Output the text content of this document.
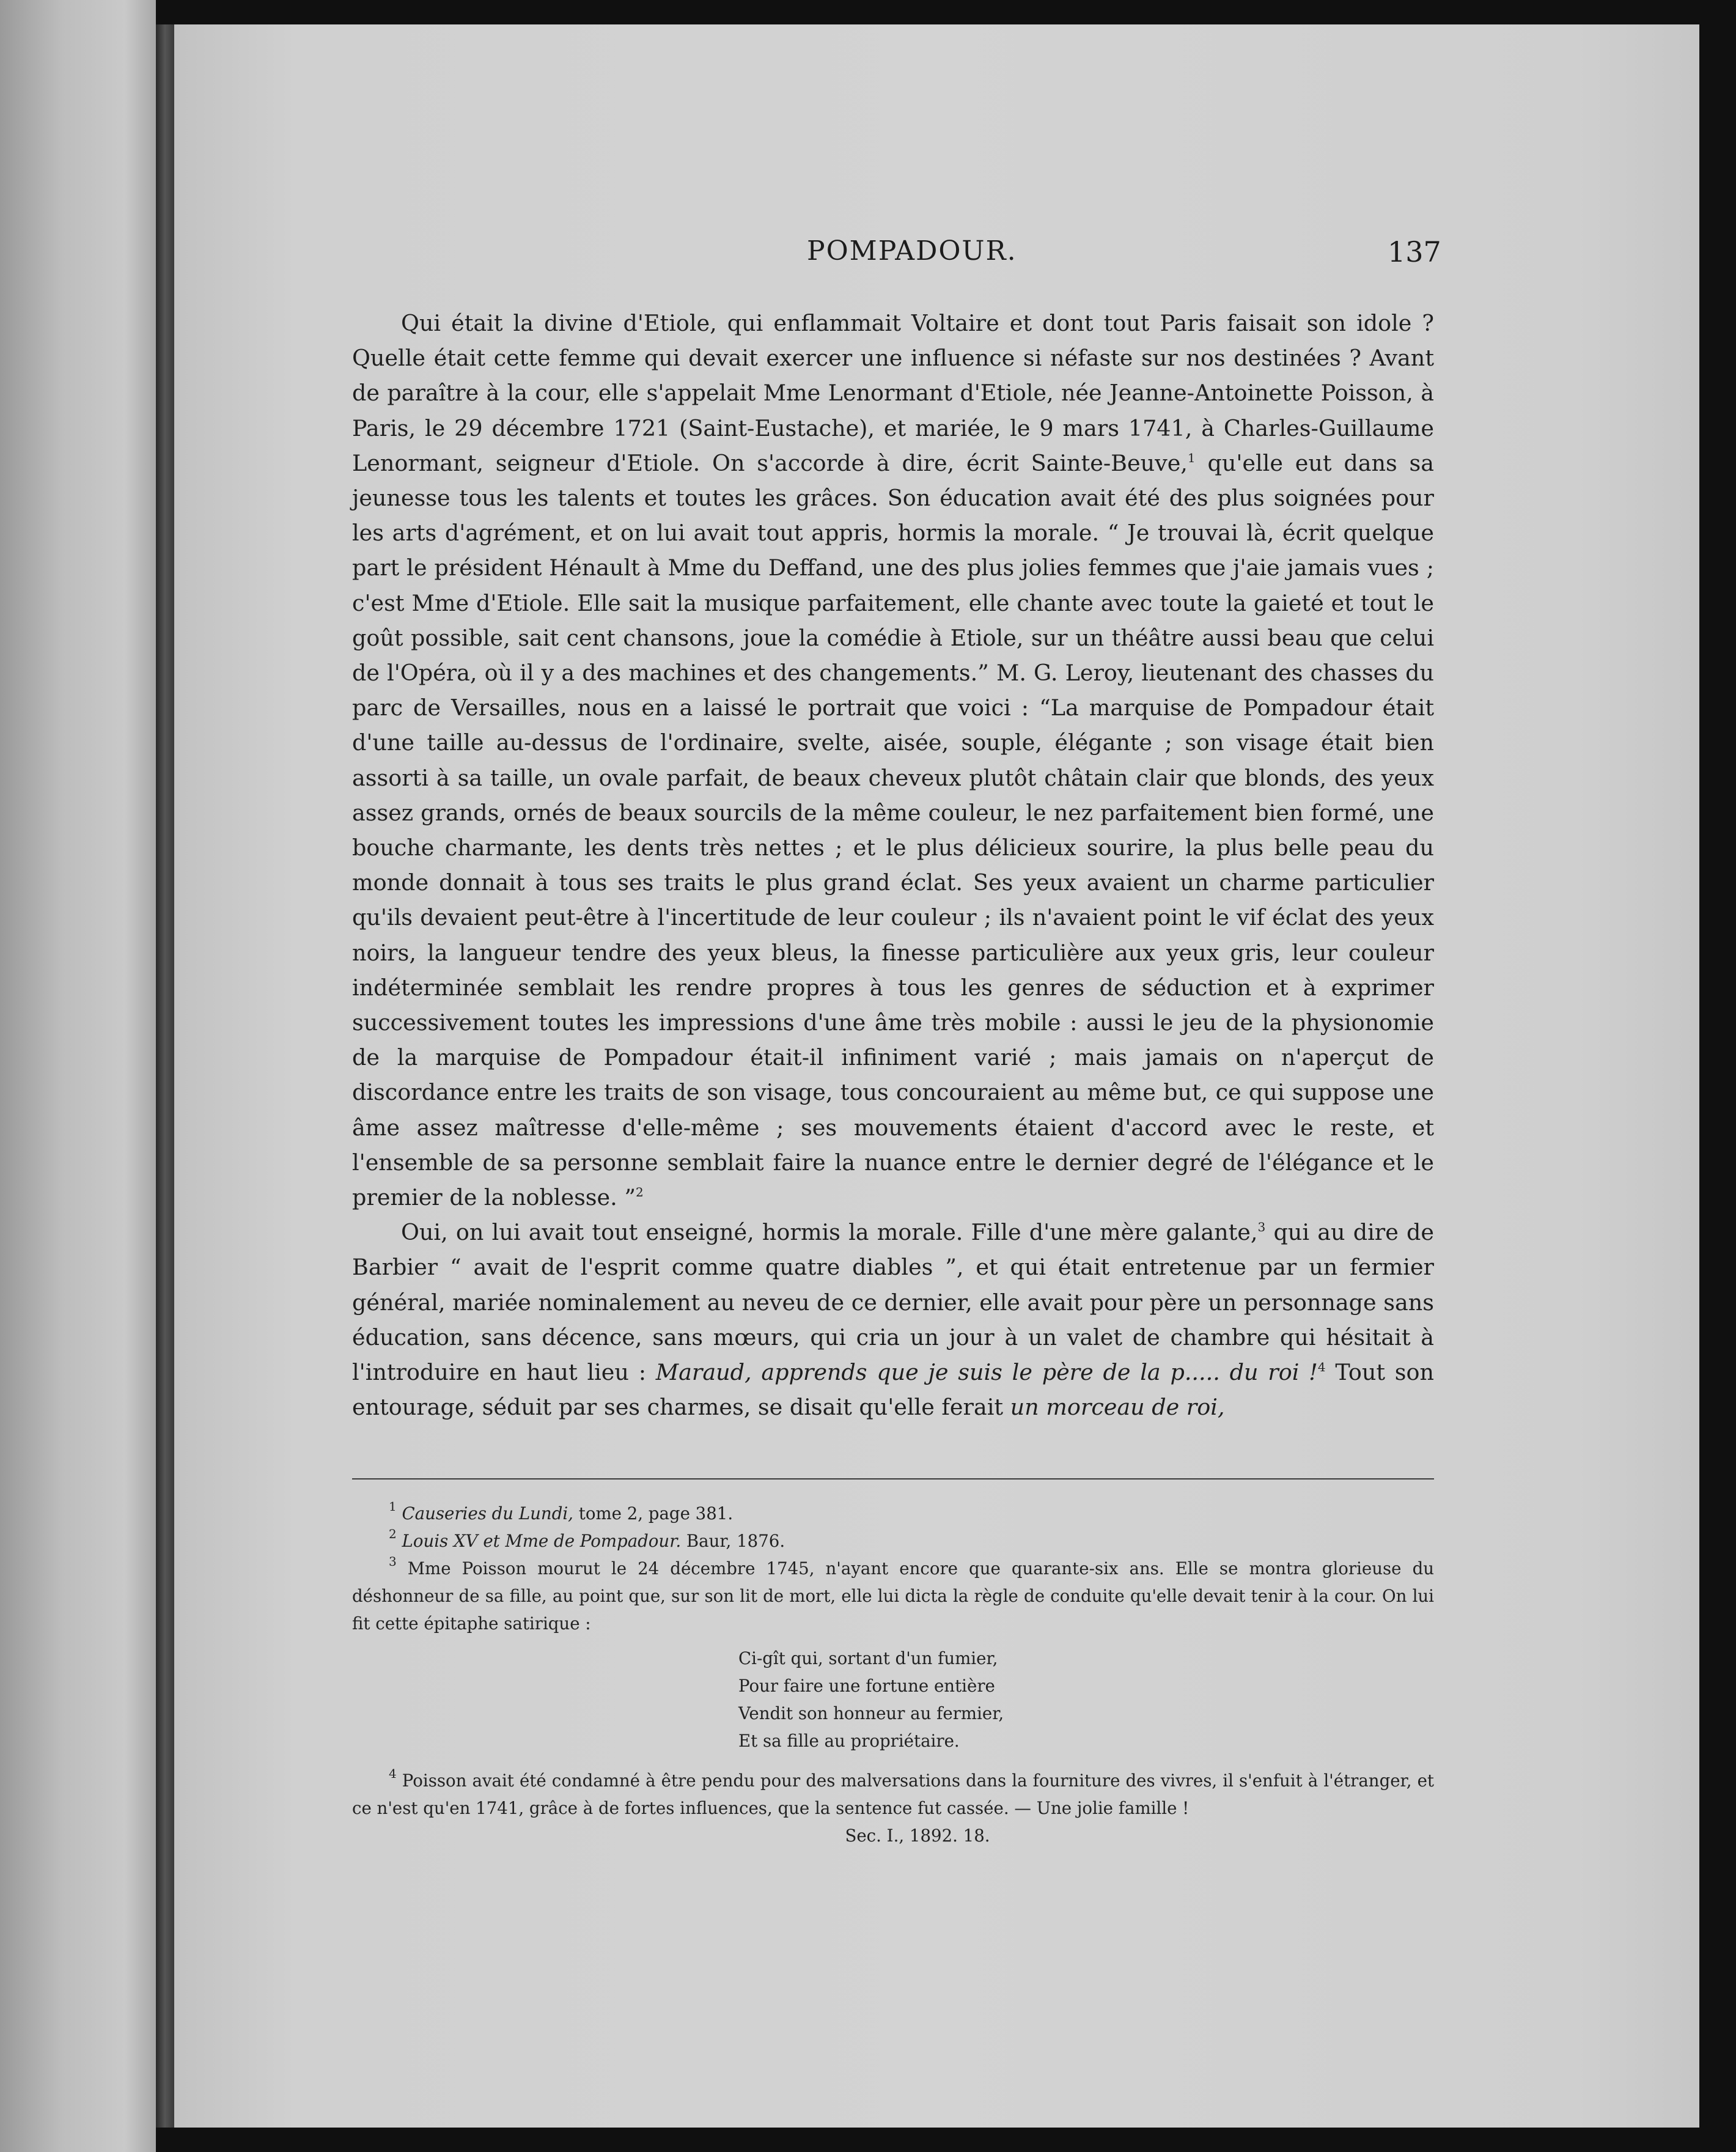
POMPADOUR.	137

Qui était la divine d'Etiole, qui enflammait Voltaire et dont tout Paris faisait son idole ? Quelle était cette femme qui devait exercer une influence si néfaste sur nos destinées ? Avant de paraître à la cour, elle s'appelait Mme Lenormant d'Etiole, née Jeanne-Antoinette Poisson, à Paris, le 29 décembre 1721 (Saint-Eustache), et mariée, le 9 mars 1741, à Charles-Guillaume Lenormant, seigneur d'Etiole. On s'accorde à dire, écrit Sainte-Beuve,$^1$ qu'elle eut dans sa jeunesse tous les talents et toutes les grâces. Son éducation avait été des plus soignées pour les arts d'agrément, et on lui avait tout appris, hormis la morale. “ Je trouvai là, écrit quelque part le président Hénault à Mme du Deffand, une des plus jolies femmes que j'aie jamais vues ; c'est Mme d'Etiole. Elle sait la musique parfaitement, elle chante avec toute la gaieté et tout le goût possible, sait cent chansons, joue la comédie à Etiole, sur un théâtre aussi beau que celui de l'Opéra, où il y a des machines et des changements.” M. G. Leroy, lieutenant des chasses du parc de Versailles, nous en a laissé le portrait que voici : “La marquise de Pompadour était d'une taille au-dessus de l'ordinaire, svelte, aisée, souple, élégante ; son visage était bien assorti à sa taille, un ovale parfait, de beaux cheveux plutôt châtain clair que blonds, des yeux assez grands, ornés de beaux sourcils de la même couleur, le nez parfaitement bien formé, une bouche charmante, les dents très nettes ; et le plus délicieux sourire, la plus belle peau du monde donnait à tous ses traits le plus grand éclat. Ses yeux avaient un charme particulier qu'ils devaient peut-être à l'incertitude de leur couleur ; ils n'avaient point le vif éclat des yeux noirs, la langueur tendre des yeux bleus, la finesse particulière aux yeux gris, leur couleur indéterminée semblait les rendre propres à tous les genres de séduction et à exprimer successivement toutes les impressions d'une âme très mobile : aussi le jeu de la physionomie de la marquise de Pompadour était-il infiniment varié ; mais jamais on n'aperçut de discordance entre les traits de son visage, tous concouraient au même but, ce qui suppose une âme assez maîtresse d'elle-même ; ses mouvements étaient d'accord avec le reste, et l'ensemble de sa personne semblait faire la nuance entre le dernier degré de l'élégance et le premier de la noblesse. ”$^2$

Oui, on lui avait tout enseigné, hormis la morale. Fille d'une mère galante,$^3$ qui au dire de Barbier “ avait de l'esprit comme quatre diables ”, et qui était entretenue par un fermier général, mariée nominalement au neveu de ce dernier, elle avait pour père un personnage sans éducation, sans décence, sans mœurs, qui cria un jour à un valet de chambre qui hésitait à l'introduire en haut lieu : Maraud, apprends que je suis le père de la p..... du roi !$^4$ Tout son entourage, séduit par ses charmes, se disait qu'elle ferait un morceau de roi,

$^1$ Causeries du Lundi, tome 2, page 381.

$^2$ Louis XV et Mme de Pompadour. Baur, 1876.

$^3$ Mme Poisson mourut le 24 décembre 1745, n'ayant encore que quarante-six ans. Elle se montra glorieuse du déshonneur de sa fille, au point que, sur son lit de mort, elle lui dicta la règle de conduite qu'elle devait tenir à la cour. On lui fit cette épitaphe satirique :

Ci-gît qui, sortant d'un fumier,
Pour faire une fortune entière
Vendit son honneur au fermier,
Et sa fille au propriétaire.

$^4$ Poisson avait été condamné à être pendu pour des malversations dans la fourniture des vivres, il s'enfuit à l'étranger, et ce n'est qu'en 1741, grâce à de fortes influences, que la sentence fut cassée. — Une jolie famille !

Sec. I., 1892. 18.
